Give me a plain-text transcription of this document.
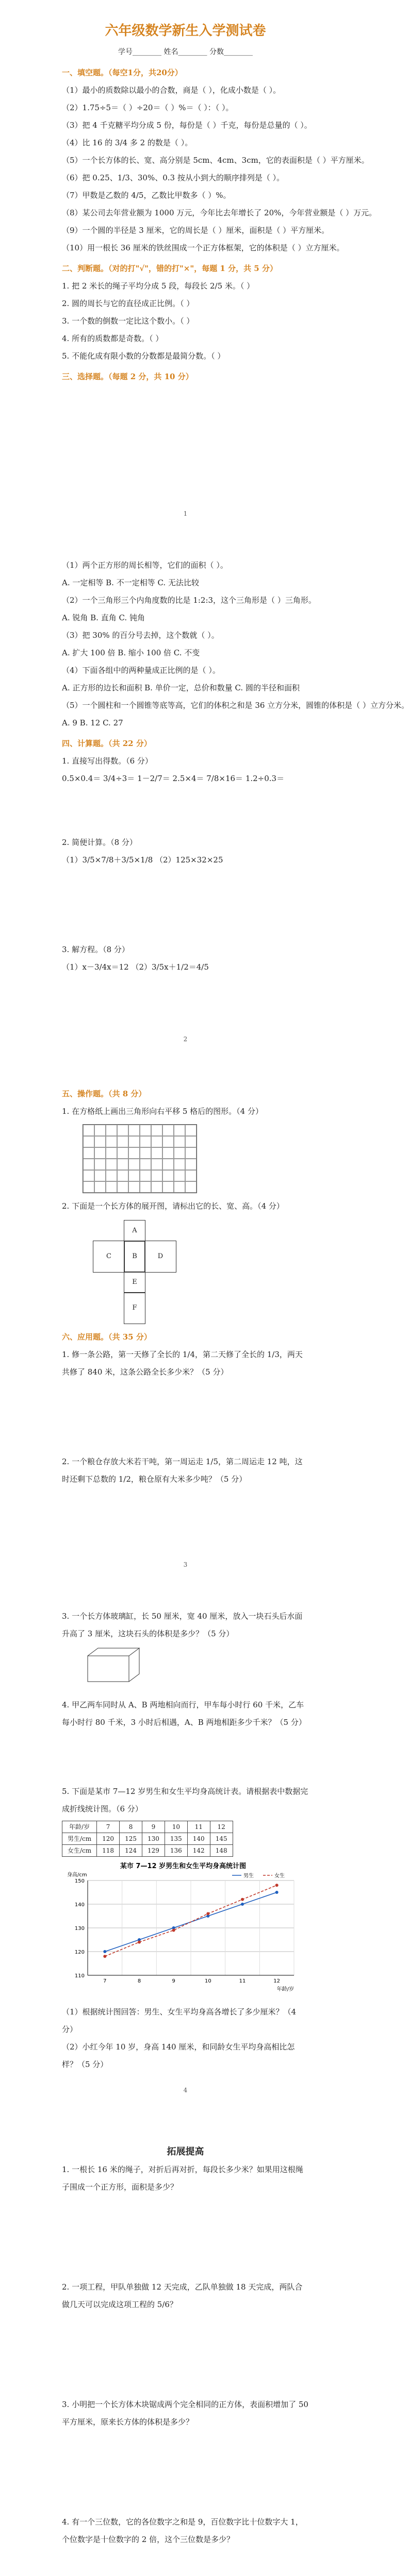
六年级数学新生入学测试卷
学号________ 姓名________ 分数________
一、填空题。（每空1分，共20分）
（1）最小的质数除以最小的合数，商是（ ），化成小数是（ ）。
（2）1.75÷5＝（ ）÷20＝（ ）%＝（ ）：（ ）。
（3）把 4 千克糖平均分成 5 份，每份是（ ）千克，每份是总量的（ ）。
（4）比 16 的 3/4 多 2 的数是（ ）。
（5）一个长方体的长、宽、高分别是 5cm、4cm、3cm，它的表面积是（ ）平方厘米。
（6）把 0.25、1/3、30%、0.3 按从小到大的顺序排列是（ ）。
（7）甲数是乙数的 4/5，乙数比甲数多（ ）%。
（8）某公司去年营业额为 1000 万元，今年比去年增长了 20%，今年营业额是（ ）万元。
（9）一个圆的半径是 3 厘米，它的周长是（ ）厘米，面积是（ ）平方厘米。
（10）用一根长 36 厘米的铁丝围成一个正方体框架，它的体积是（ ）立方厘米。
二、判断题。（对的打"√"，错的打"×"，每题 1 分，共 5 分）
1. 把 2 米长的绳子平均分成 5 段，每段长 2/5 米。（ ）
2. 圆的周长与它的直径成正比例。（ ）
3. 一个数的倒数一定比这个数小。（ ）
4. 所有的质数都是奇数。（ ）
5. 不能化成有限小数的分数都是最简分数。（ ）
三、选择题。（每题 2 分，共 10 分）
1
（1）两个正方形的周长相等，它们的面积（ ）。
A. 一定相等 B. 不一定相等 C. 无法比较
（2）一个三角形三个内角度数的比是 1:2:3，这个三角形是（ ）三角形。
A. 锐角 B. 直角 C. 钝角
（3）把 30% 的百分号去掉，这个数就（ ）。
A. 扩大 100 倍 B. 缩小 100 倍 C. 不变
（4）下面各组中的两种量成正比例的是（ ）。
A. 正方形的边长和面积 B. 单价一定，总价和数量 C. 圆的半径和面积
（5）一个圆柱和一个圆锥等底等高，它们的体积之和是 36 立方分米，圆锥的体积是（ ）立方分米。
A. 9 B. 12 C. 27
四、计算题。（共 22 分）
1. 直接写出得数。（6 分）
0.5×0.4＝ 3/4÷3＝ 1－2/7＝ 2.5×4＝ 7/8×16＝ 1.2÷0.3＝
2. 简便计算。（8 分）
（1）3/5×7/8＋3/5×1/8 （2）125×32×25
3. 解方程。（8 分）
（1）x－3/4x＝12 （2）3/5x＋1/2＝4/5
2
五、操作题。（共 8 分）
1. 在方格纸上画出三角形向右平移 5 格后的图形。（4 分）
2. 下面是一个长方体的展开图，请标出它的长、宽、高。（4 分）
A
B
C	D
E
F
六、应用题。（共 35 分）
1. 修一条公路，第一天修了全长的 1/4，第二天修了全长的 1/3，两天共修了 840 米，这条公路全长多少米？（5 分）
2. 一个粮仓存放大米若干吨，第一周运走 1/5，第二周运走 12 吨，这时还剩下总数的 1/2，粮仓原有大米多少吨？（5 分）
3
3. 一个长方体玻璃缸，长 50 厘米，宽 40 厘米，放入一块石头后水面升高了 3 厘米，这块石头的体积是多少？（5 分）
4. 甲乙两车同时从 A、B 两地相向而行，甲车每小时行 60 千米，乙车每小时行 80 千米，3 小时后相遇，A、B 两地相距多少千米？（5 分）
5. 下面是某市 7—12 岁男生和女生平均身高统计表。请根据表中数据完成折线统计图。（6 分）
年龄/岁	7	8	9	10	11	12
男生/cm	120	125	130	135	140	145
女生/cm	118	124	129	136	142	148
某市 7—12 岁男生和女生平均身高统计图
110
120
130
140
150
7	8	9	10	11	12
年龄/岁
身高/cm	男生	女生
（1）根据统计图回答：男生、女生平均身高各增长了多少厘米？（4 分）
（2）小红今年 10 岁，身高 140 厘米，和同龄女生平均身高相比怎样？（5 分）
4
拓展提高
1. 一根长 16 米的绳子，对折后再对折，每段长多少米？如果用这根绳子围成一个正方形，面积是多少？
2. 一项工程，甲队单独做 12 天完成，乙队单独做 18 天完成，两队合做几天可以完成这项工程的 5/6？
3. 小明把一个长方体木块锯成两个完全相同的正方体，表面积增加了 50 平方厘米，原来长方体的体积是多少？
4. 有一个三位数，它的各位数字之和是 9，百位数字比十位数字大 1，个位数字是十位数字的 2 倍，这个三位数是多少？
